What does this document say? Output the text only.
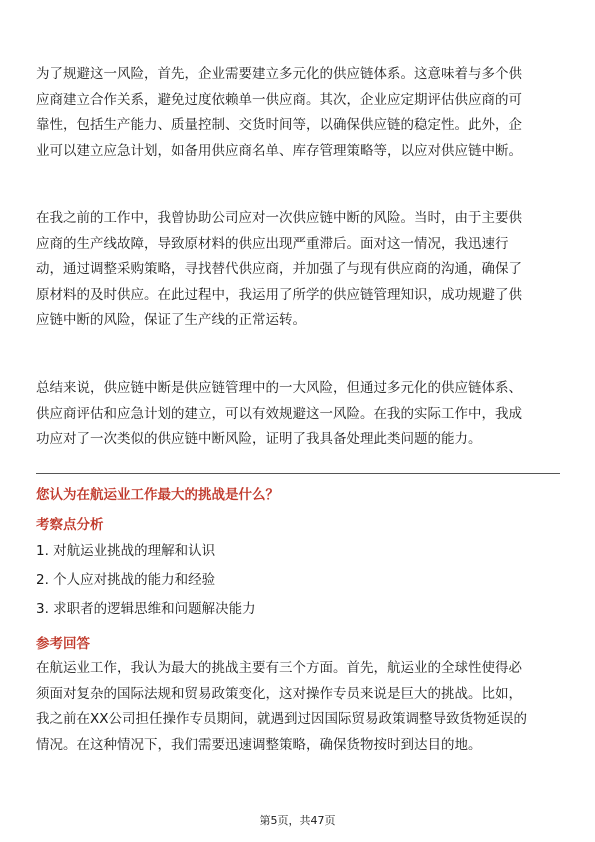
为了规避这一风险，首先，企业需要建立多元化的供应链体系。这意味着与多个供
应商建立合作关系，避免过度依赖单一供应商。其次，企业应定期评估供应商的可
靠性，包括生产能力、质量控制、交货时间等，以确保供应链的稳定性。此外，企
业可以建立应急计划，如备用供应商名单、库存管理策略等，以应对供应链中断。
在我之前的工作中，我曾协助公司应对一次供应链中断的风险。当时，由于主要供
应商的生产线故障，导致原材料的供应出现严重滞后。面对这一情况，我迅速行
动，通过调整采购策略，寻找替代供应商，并加强了与现有供应商的沟通，确保了
原材料的及时供应。在此过程中，我运用了所学的供应链管理知识，成功规避了供
应链中断的风险，保证了生产线的正常运转。
总结来说，供应链中断是供应链管理中的一大风险，但通过多元化的供应链体系、
供应商评估和应急计划的建立，可以有效规避这一风险。在我的实际工作中，我成
功应对了一次类似的供应链中断风险，证明了我具备处理此类问题的能力。
您认为在航运业工作最大的挑战是什么？
考察点分析
1. 对航运业挑战的理解和认识
2. 个人应对挑战的能力和经验
3. 求职者的逻辑思维和问题解决能力
参考回答
在航运业工作，我认为最大的挑战主要有三个方面。首先，航运业的全球性使得必
须面对复杂的国际法规和贸易政策变化，这对操作专员来说是巨大的挑战。比如，
我之前在XX公司担任操作专员期间，就遇到过因国际贸易政策调整导致货物延误的
情况。在这种情况下，我们需要迅速调整策略，确保货物按时到达目的地。
第5页，共47页
